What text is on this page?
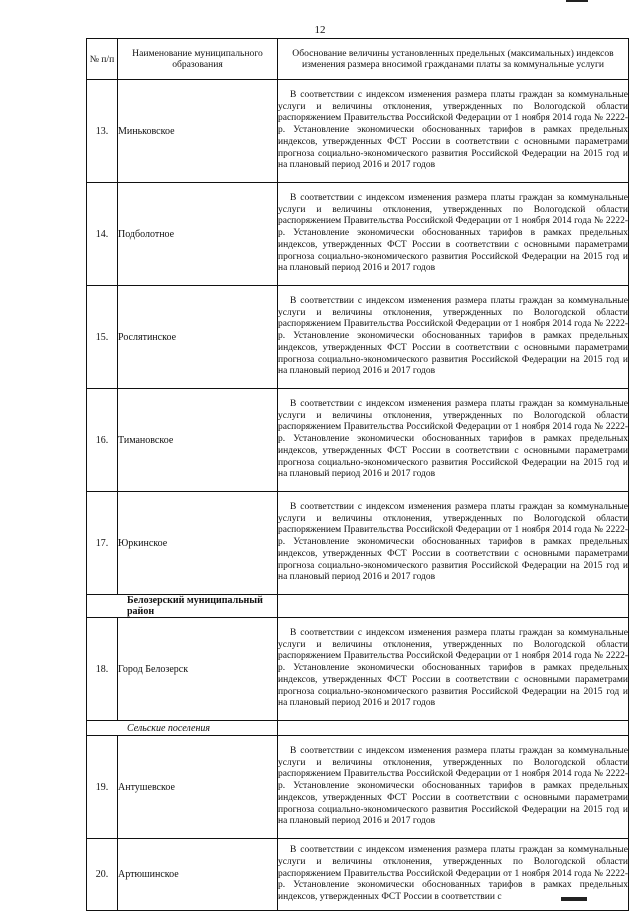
12
№ п/п	Наименование муниципального образования	Обоснование величины установленных предельных (максимальных) индексов изменения размера вносимой гражданами платы за коммунальные услуги
13.	Миньковское	В соответствии с индексом изменения размера платы граждан за коммунальные услуги и величины отклонения, утвержденных по Вологодской области распоряжением Правительства Российской Федерации от 1 ноября 2014 года № 2222-р. Установление экономически обоснованных тарифов в рамках предельных индексов, утвержденных ФСТ России в соответствии с основными параметрами прогноза социально-экономического развития Российской Федерации на 2015 год и на плановый период 2016 и 2017 годов

14.	Подболотное	В соответствии с индексом изменения размера платы граждан за коммунальные услуги и величины отклонения, утвержденных по Вологодской области распоряжением Правительства Российской Федерации от 1 ноября 2014 года № 2222-р. Установление экономически обоснованных тарифов в рамках предельных индексов, утвержденных ФСТ России в соответствии с основными параметрами прогноза социально-экономического развития Российской Федерации на 2015 год и на плановый период 2016 и 2017 годов

15.	Рослятинское	В соответствии с индексом изменения размера платы граждан за коммунальные услуги и величины отклонения, утвержденных по Вологодской области распоряжением Правительства Российской Федерации от 1 ноября 2014 года № 2222-р. Установление экономически обоснованных тарифов в рамках предельных индексов, утвержденных ФСТ России в соответствии с основными параметрами прогноза социально-экономического развития Российской Федерации на 2015 год и на плановый период 2016 и 2017 годов

16.	Тимановское	В соответствии с индексом изменения размера платы граждан за коммунальные услуги и величины отклонения, утвержденных по Вологодской области распоряжением Правительства Российской Федерации от 1 ноября 2014 года № 2222-р. Установление экономически обоснованных тарифов в рамках предельных индексов, утвержденных ФСТ России в соответствии с основными параметрами прогноза социально-экономического развития Российской Федерации на 2015 год и на плановый период 2016 и 2017 годов

17.	Юркинское	В соответствии с индексом изменения размера платы граждан за коммунальные услуги и величины отклонения, утвержденных по Вологодской области распоряжением Правительства Российской Федерации от 1 ноября 2014 года № 2222-р. Установление экономически обоснованных тарифов в рамках предельных индексов, утвержденных ФСТ России в соответствии с основными параметрами прогноза социально-экономического развития Российской Федерации на 2015 год и на плановый период 2016 и 2017 годов

Белозерский муниципальный район		
18.	Город Белозерск	В соответствии с индексом изменения размера платы граждан за коммунальные услуги и величины отклонения, утвержденных по Вологодской области распоряжением Правительства Российской Федерации от 1 ноября 2014 года № 2222-р. Установление экономически обоснованных тарифов в рамках предельных индексов, утвержденных ФСТ России в соответствии с основными параметрами прогноза социально-экономического развития Российской Федерации на 2015 год и на плановый период 2016 и 2017 годов

Сельские поселения		
19.	Антушевское	В соответствии с индексом изменения размера платы граждан за коммунальные услуги и величины отклонения, утвержденных по Вологодской области распоряжением Правительства Российской Федерации от 1 ноября 2014 года № 2222-р. Установление экономически обоснованных тарифов в рамках предельных индексов, утвержденных ФСТ России в соответствии с основными параметрами прогноза социально-экономического развития Российской Федерации на 2015 год и на плановый период 2016 и 2017 годов

20.	Артюшинское	В соответствии с индексом изменения размера платы граждан за коммунальные услуги и величины отклонения, утвержденных по Вологодской области распоряжением Правительства Российской Федерации от 1 ноября 2014 года № 2222-р. Установление экономически обоснованных тарифов в рамках предельных индексов, утвержденных ФСТ России в соответствии с
